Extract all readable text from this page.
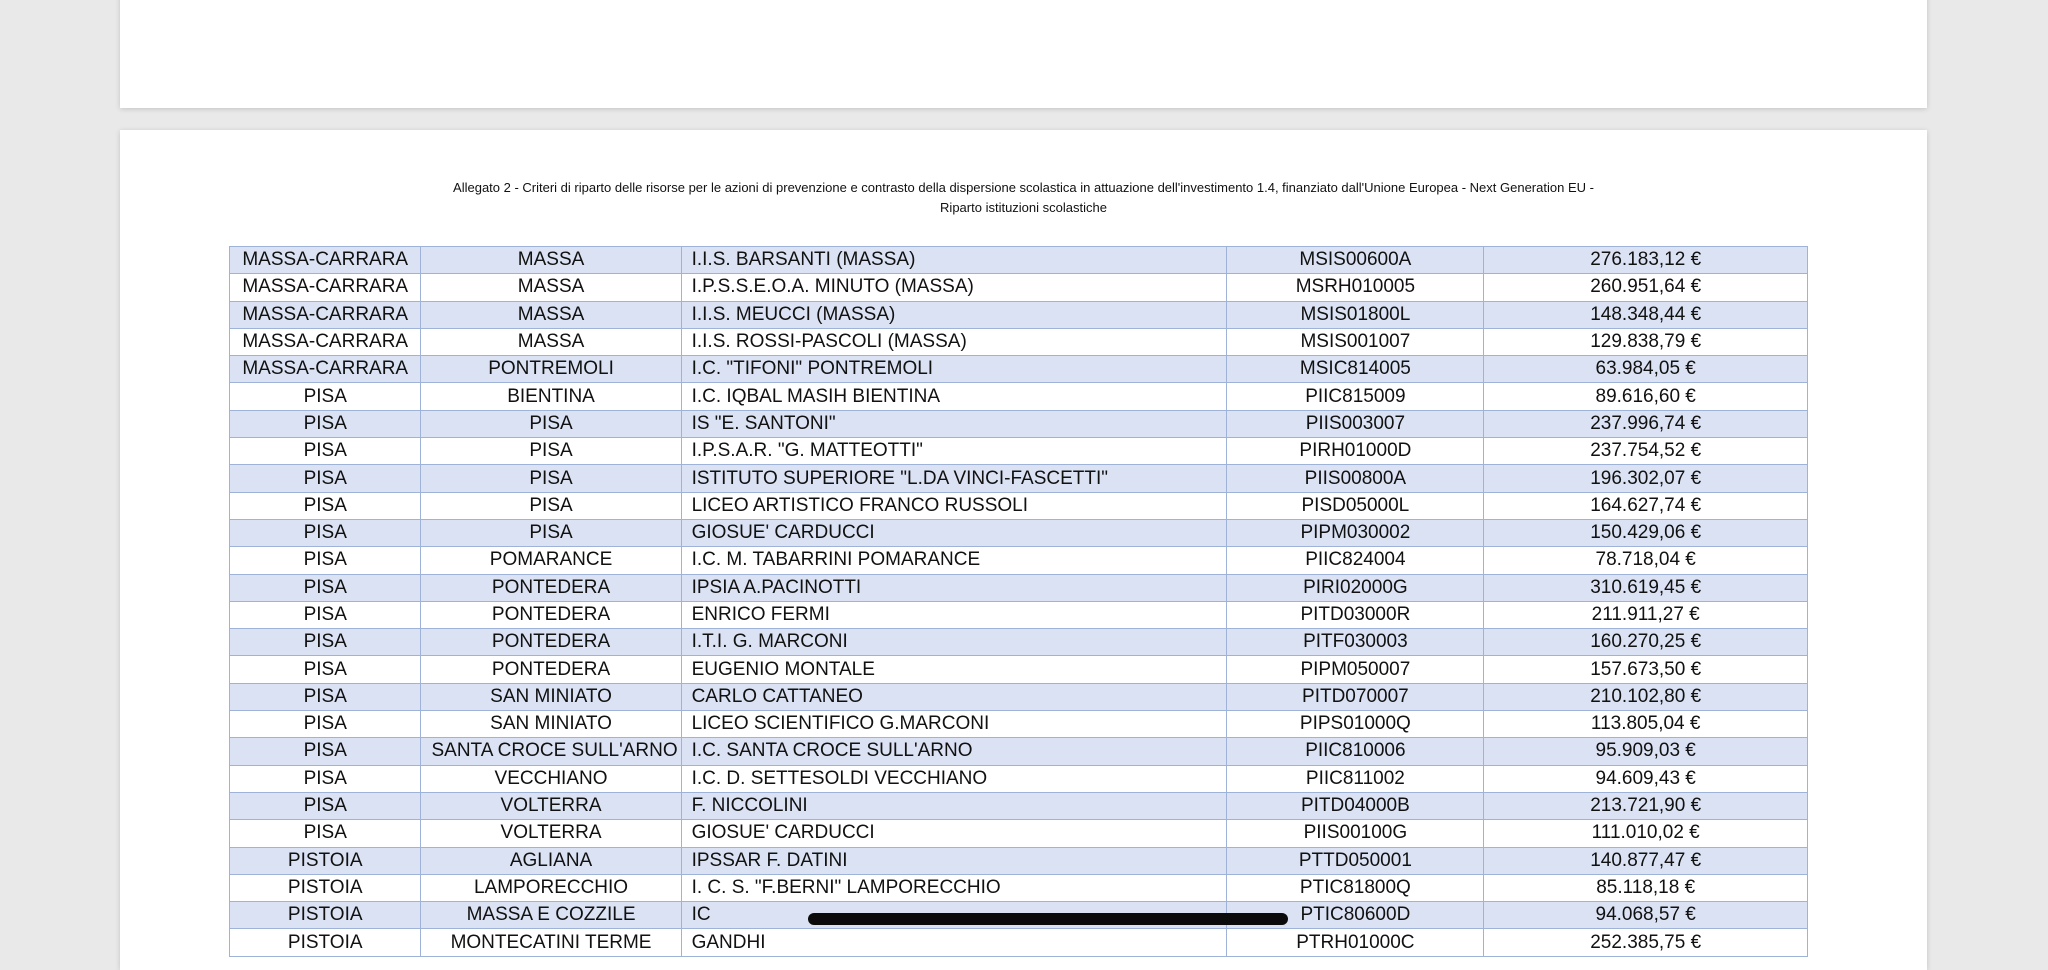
Allegato 2 - Criteri di riparto delle risorse per le azioni di prevenzione e contrasto della dispersione scolastica in attuazione dell'investimento 1.4, finanziato dall'Unione Europea - Next Generation EU -
Riparto istituzioni scolastiche
MASSA-CARRARA	MASSA	I.I.S. BARSANTI (MASSA)	MSIS00600A	276.183,12 €
MASSA-CARRARA	MASSA	I.P.S.S.E.O.A. MINUTO (MASSA)	MSRH010005	260.951,64 €
MASSA-CARRARA	MASSA	I.I.S. MEUCCI (MASSA)	MSIS01800L	148.348,44 €
MASSA-CARRARA	MASSA	I.I.S. ROSSI-PASCOLI (MASSA)	MSIS001007	129.838,79 €
MASSA-CARRARA	PONTREMOLI	I.C. "TIFONI" PONTREMOLI	MSIC814005	63.984,05 €
PISA	BIENTINA	I.C. IQBAL MASIH BIENTINA	PIIC815009	89.616,60 €
PISA	PISA	IS "E. SANTONI"	PIIS003007	237.996,74 €
PISA	PISA	I.P.S.A.R. "G. MATTEOTTI"	PIRH01000D	237.754,52 €
PISA	PISA	ISTITUTO SUPERIORE "L.DA VINCI-FASCETTI"	PIIS00800A	196.302,07 €
PISA	PISA	LICEO ARTISTICO FRANCO RUSSOLI	PISD05000L	164.627,74 €
PISA	PISA	GIOSUE' CARDUCCI	PIPM030002	150.429,06 €
PISA	POMARANCE	I.C. M. TABARRINI POMARANCE	PIIC824004	78.718,04 €
PISA	PONTEDERA	IPSIA A.PACINOTTI	PIRI02000G	310.619,45 €
PISA	PONTEDERA	ENRICO FERMI	PITD03000R	211.911,27 €
PISA	PONTEDERA	I.T.I. G. MARCONI	PITF030003	160.270,25 €
PISA	PONTEDERA	EUGENIO MONTALE	PIPM050007	157.673,50 €
PISA	SAN MINIATO	CARLO CATTANEO	PITD070007	210.102,80 €
PISA	SAN MINIATO	LICEO SCIENTIFICO G.MARCONI	PIPS01000Q	113.805,04 €
PISA	SANTA CROCE SULL'ARNO	I.C. SANTA CROCE SULL'ARNO	PIIC810006	95.909,03 €
PISA	VECCHIANO	I.C. D. SETTESOLDI VECCHIANO	PIIC811002	94.609,43 €
PISA	VOLTERRA	F. NICCOLINI	PITD04000B	213.721,90 €
PISA	VOLTERRA	GIOSUE' CARDUCCI	PIIS00100G	111.010,02 €
PISTOIA	AGLIANA	IPSSAR F. DATINI	PTTD050001	140.877,47 €
PISTOIA	LAMPORECCHIO	I. C. S. "F.BERNI" LAMPORECCHIO	PTIC81800Q	85.118,18 €
PISTOIA	MASSA E COZZILE	IC	PTIC80600D	94.068,57 €
PISTOIA	MONTECATINI TERME	GANDHI	PTRH01000C	252.385,75 €
